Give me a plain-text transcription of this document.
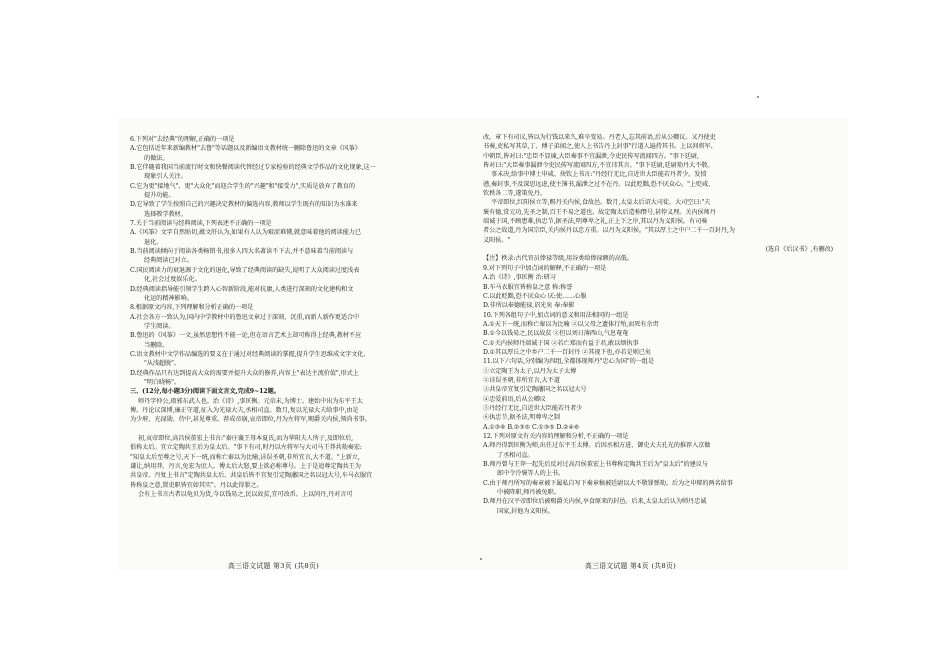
6.下列对"去经典"的理解,正确的一项是
A.它包括近年来新编教材"去鲁"等话题以及新编语文教材统一删除鲁迅的文章《风筝》
的做法。
B.它伴随着我国当前流行时文和快餐阅读代替经过专家检验的经典文学作品的文化现象,这一
现象引人关注。
C.它为更"接地气"、更"大众化"而迎合学生的"兴趣"和"接受力",实质是放弃了教育的
提升功能。
D.它导致了学生按照自己的兴趣决定教材的偏选内容,教师以学生既有的知识为水准来
选择教学教材。
7.关于当前阅读与经典阅读,下列表述不正确的一项是
A.《风筝》文字自然贴切,蕴文肝认为,如果有人认为艰涩难懂,就意味着他的阅读能力已
退化。
B.当前阅读倾向于阅读各类畅销书,很多人四大名著读不下去,并不意味着当前阅读与
经典阅读已对立。
C.国民阅读力的衰退源于文化的退化,导致了经典阅读的缺失,说明了大众阅读过度浅表
化,社会过度娱乐化。
D.经典阅读指导能引领学生跨入心智新阶段,能对抗庸,人类进行深刻的文化建构和文
化运的精神影响。
8.根据原文内容,下列理解和分析正确的一项是
A.社会各方一致认为,国内中学教材中的鲁迅文章过于深刻、沉重,而新人新作更适合中
学生阅读。
B.鲁迅的《风筝》一文,虽然思想性不能一论,但在语言艺术上却可称得上经典,教材不应
当删除。
C.语文教材中文学作品编选的要义在于通过对经典阅读的掌握,提升学生思维成文字文化、
"从浅超脱"。
D.经典作品只有达到提高大众的需要并提升大众的修养,内容上"表达主流价值",形式上
"明白晓畅"。
三、(12分,每小题3分)阅读下面文言文,完成9~12题。
师丹字仲公,琅邪东武人也。治《诗》,事匡衡。元帝末,为博士。建始中出为东平王太
傅。丹论议深博,廉正守道,征入为光禄大夫,丞相司直。数月,复以光禄大夫给事中,由是
为少府、光禄勋、侍中,甚见尊重。荐成帝崩,哀帝即位,丹为左将军,赐爵关内侯,领尚书事。
初,哀帝即位,高昌侯董宏上书言:"秦庄襄王母本夏氏,而为华阳夫人所子,及即位后,
俱称太后。宜立定陶共王后为皇太后。"事下有司,时丹以左将军与大司马王莽共劾奏宏:
"知皇太后至尊之号,天下一统,而称亡秦以为比喻,诖误圣朝,非所宜言,大不道。"上新立,
谦让,纳用莽、丹言,免宏为庶人。傅太后大怒,要上欲必称尊号。上于是追尊定陶共王为
共皇帝。丹复上书言"定陶共皇太后、共皇后皆不宜复引定陶藩国之名以冠大号,车马衣服宜
皆称皇之意,置吏职皆宜如其实"。丹以此得罪之。
会有上书言古者以龟贝为货,今以钱易之,民以故贫,宜可改币。上以问丹,丹对言可
改。章下有司议,皆以为行钱以来久,难卒变易。丹老人,忘其前语,后从公卿议。又丹使吏
书奏,吏私写其草,丁、傅子弟闻之,使人上书告丹上封事"行道人遍持其书。上以问将军、
中朝臣,皆对曰:"忠臣不显谏,大臣奏事不宜漏泄,令吏民传写流闻四方。"事下廷尉,
皆对曰:"大臣奏事漏泄令吏民传写流闻四方,不宜讳其言。"事下廷尉,廷尉劾丹大不敬。
事未决,给事中博士申咸、炔钦上书言:"丹经行无比,自近世大臣能若丹者少。发愤
懑,奏封事,不及深思远虑,使主簿书,漏泄之过不在丹。以此贬黜,恐不厌众心。"上贬咸、
钦秩各二等,遂策免丹。
平帝即位,红阳侯立等,赐丹关内侯,食故邑。数月,太皇太后诏大司徒、大司空曰:"夫
褒有德,赏元功,先圣之制,百王不易之道也。故定陶太后造称僭号,甚悖义理。关内侯师丹
端诚于国,不顾患难,执忠节,据圣法,明尊卑之礼,正上下之序,其以丹为义阳侯。有司奏
者公之故道,丹为国宗臣,关内侯丹以忠方重。以丹为义阳侯。"其以厚土之中户二千一百封丹,为
义阳侯。"
(选自《后汉书》,有删改)
【注】秩录:古代官员俸禄等级,用谷类给俸禄额的高低。
9.对下列句子中加点词的解释,不正确的一项是
A.治《诗》,事匡衡 治:研习
B.车马衣服宜皆称皇之意 称:称誉
C.以此贬黜,恐不厌众心 厌:使……心服
D.非所以奉德能禄,诏光矣 奉:奉影
10.下列各组句子中,加点词的意义和用法相同的一组是
A.①天下一统,而称亡秦以为比喻 ②以父母之遗体行殆,而死有余责
B.①今以钱易之,民以故贫 ②但以刘日薄西山,气息奄奄
C.①关内侯师丹端诚于国 ②若亡郑而有益于君,敢以烦执事
D.①其以厚丘之中乡户二千一百封丹 ②其视下也,亦若是则已矣
11.以下六句话,分别编为四组,全都体现师丹"忠心为国"的一组是
①立定陶王为太子,以丹为太子太傅
②诖误圣朝,非所宜言,大不道
③共皇帝宜复引定陶藩国之名以冠大号
④忠爱前语,后从公卿议
⑤丹经行无比,自近世大臣能若丹者少
⑥执忠节,据圣法,明尊卑之制
A.①③⑥ B.②③⑤ C.①③⑤ D.②④⑥
12.下列对原文有关内容的理解和分析,不正确的一项是
A.师丹得到匡衡为师,出任过东平王太傅。后因丞相方进、御史大夫孔光的推荐入京做
了丞相司直。
B.师丹曾与王莽一起先后反对过高昌侯董宏上书尊称定陶共王后为"皇太后"的建议与
郎中令泠褒等人的上书。
C.由于师丹所写的奏章被下属私自写下奏章稿被廷尉以大不敬罪弹劾。后为之申辩的两名给事
中被降职,师丹被免职。
D.师丹在汉平帝即位后被赐爵关内侯,享食原来的封邑。后来,太皇太后认为师丹忠诚
国家,封他为义阳侯。
高三语文试题 第3页 (共8页)	高三语文试题 第4页 (共8页)
